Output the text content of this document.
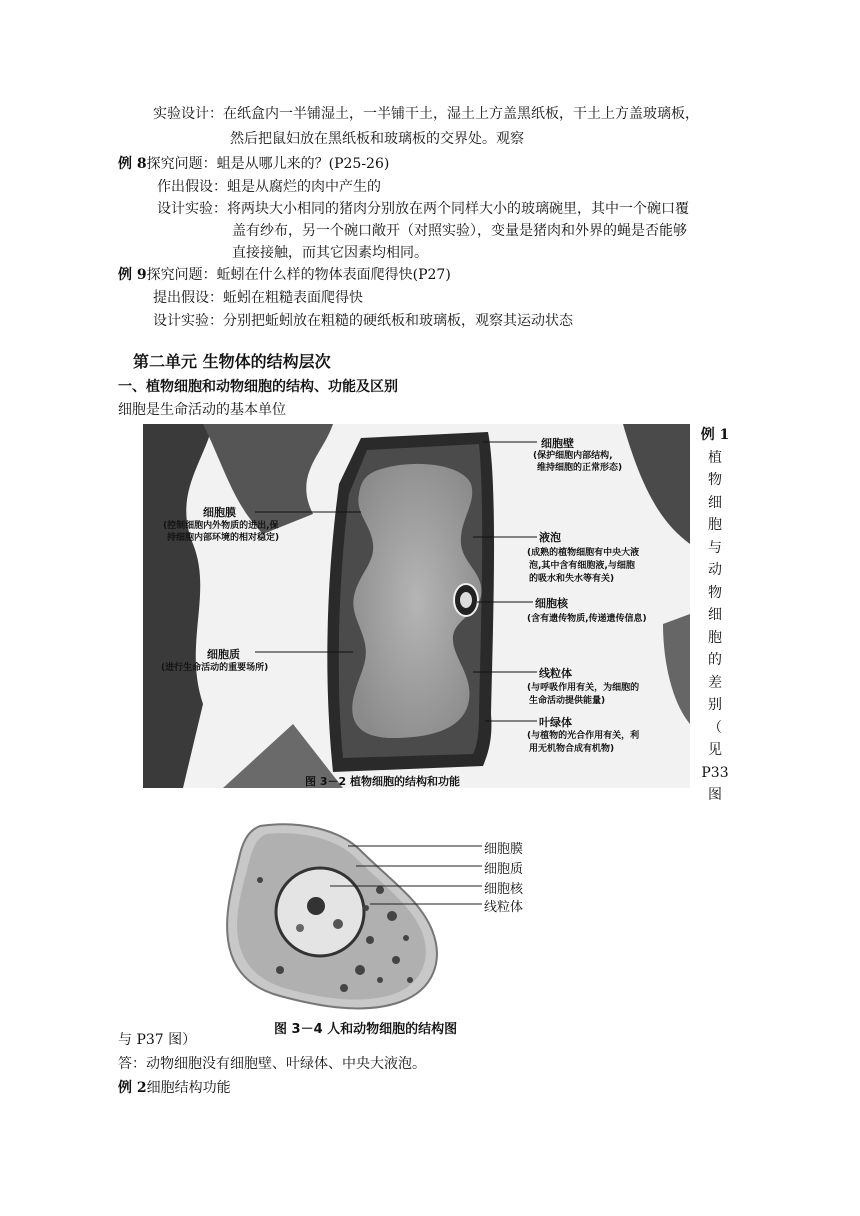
实验设计：在纸盒内一半铺湿土，一半铺干土，湿土上方盖黑纸板，干土上方盖玻璃板，
然后把鼠妇放在黑纸板和玻璃板的交界处。观察
例 8探究问题：蛆是从哪儿来的？(P25-26)
作出假设：蛆是从腐烂的肉中产生的
设计实验：将两块大小相同的猪肉分别放在两个同样大小的玻璃碗里，其中一个碗口覆
盖有纱布，另一个碗口敞开（对照实验），变量是猪肉和外界的蝇是否能够
直接接触，而其它因素均相同。
例 9探究问题：蚯蚓在什么样的物体表面爬得快(P27)
提出假设：蚯蚓在粗糙表面爬得快
设计实验：分别把蚯蚓放在粗糙的硬纸板和玻璃板，观察其运动状态
第二单元 生物体的结构层次
一、植物细胞和动物细胞的结构、功能及区别
细胞是生命活动的基本单位
细胞壁
(保护细胞内部结构,
维持细胞的正常形态)
细胞膜
(控制细胞内外物质的进出,保
持细胞内部环境的相对稳定)	液泡
(成熟的植物细胞有中央大液
泡,其中含有细胞液,与细胞
的吸水和失水等有关)
细胞核
(含有遗传物质,传递遗传信息)
细胞质
(进行生命活动的重要场所)	线粒体
(与呼吸作用有关，为细胞的
生命活动提供能量)
叶绿体
(与植物的光合作用有关，利
用无机物合成有机物)
图 3－2 植物细胞的结构和功能
例 1
植
物
细
胞
与
动
物
细
胞
的
差
别
（
见
P33
图
细胞膜
细胞质
细胞核
线粒体
图 3－4 人和动物细胞的结构图
与 P37 图）
答：动物细胞没有细胞壁、叶绿体、中央大液泡。
例 2细胞结构功能
